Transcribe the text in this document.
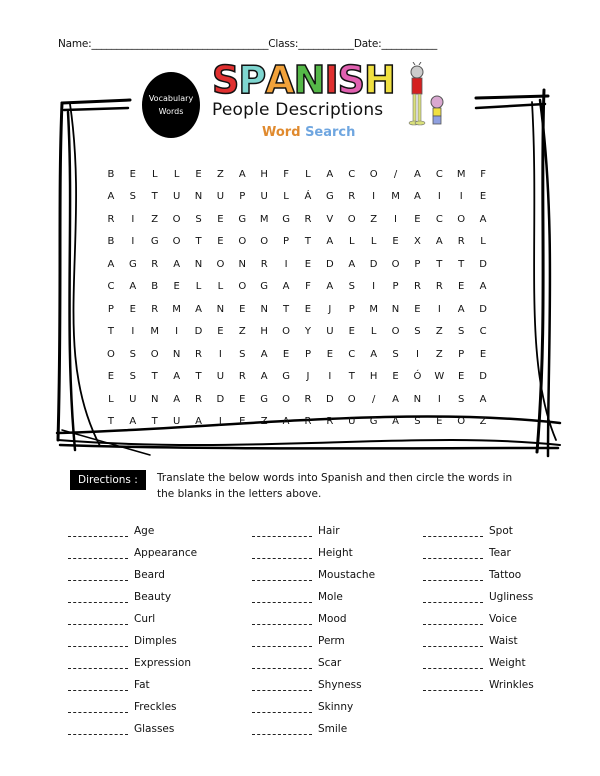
Name:___________________________________Class:___________Date:___________
Vocabulary
Words
SPANISH
People Descriptions
Word Search
B	E	L	L	E	Z	A	H	F	L	A	C	O	/	A	C	M	F
A	S	T	U	N	U	P	U	L	Á	G	R	I	M	A	I	I	E
R	I	Z	O	S	E	G	M	G	R	V	O	Z	I	E	C	O	A
B	I	G	O	T	E	O	O	P	T	A	L	L	E	X	A	R	L
A	G	R	A	N	O	N	R	I	E	D	A	D	O	P	T	T	D
C	A	B	E	L	L	O	G	A	F	A	S	I	P	R	R	E	A
P	E	R	M	A	N	E	N	T	E	J	P	M	N	E	I	A	D
T	I	M	I	D	E	Z	H	O	Y	U	E	L	O	S	Z	S	C
O	S	O	N	R	I	S	A	E	P	E	C	A	S	I	Z	P	E
E	S	T	A	T	U	R	A	G	J	I	T	H	E	Ó	W	E	D
L	U	N	A	R	D	E	G	O	R	D	O	/	A	N	I	S	A
T	A	T	U	A	J	E	Z	A	R	R	U	G	A	S	E	O	Z
Directions :	Translate the below words into Spanish and then circle the words in the blanks in the letters above.
Age
Appearance
Beard
Beauty
Curl
Dimples
Expression
Fat
Freckles
Glasses
Hair
Height
Moustache
Mole
Mood
Perm
Scar
Shyness
Skinny
Smile
Spot
Tear
Tattoo
Ugliness
Voice
Waist
Weight
Wrinkles
